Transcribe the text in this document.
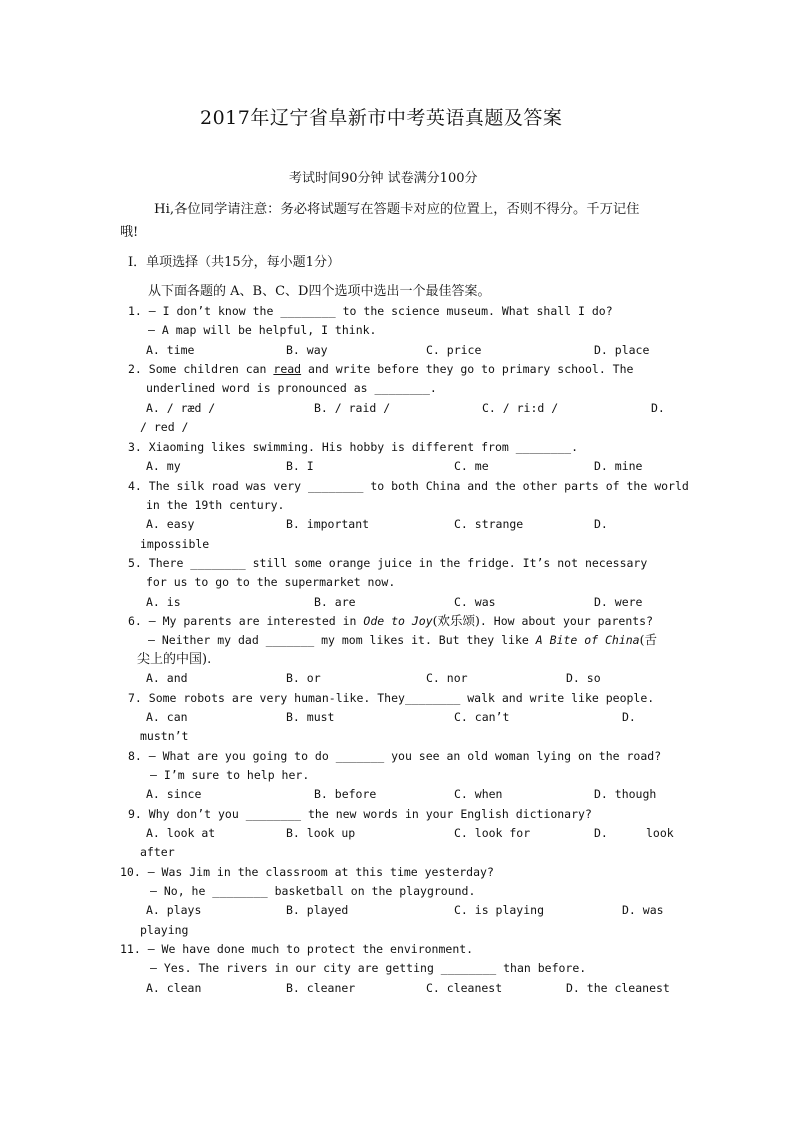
2017年辽宁省阜新市中考英语真题及答案
考试时间90分钟 试卷满分100分
Hi,各位同学请注意：务必将试题写在答题卡对应的位置上，否则不得分。千万记住
哦!
Ⅰ．单项选择（共15分，每小题1分）
从下面各题的 A、B、C、D四个选项中选出一个最佳答案。
1. — I don’t know the ________ to the science museum. What shall I do?
— A map will be helpful, I think.
A. time	B. way	C. price	D. place
2. Some children can read and write before they go to primary school. The
underlined word is pronounced as ________.
A. / ræd /	B. / raid /	C. / ri:d /	D.
/ red /
3. Xiaoming likes swimming. His hobby is different from ________.
A. my	B. I	C. me	D. mine
4. The silk road was very ________ to both China and the other parts of the world
in the 19th century.
A. easy	B. important	C. strange	D.
impossible
5. There ________ still some orange juice in the fridge. It’s not necessary
for us to go to the supermarket now.
A. is	B. are	C. was	D. were
6. — My parents are interested in Ode to Joy(欢乐颂). How about your parents?
— Neither my dad _______ my mom likes it. But they like A Bite of China(舌
尖上的中国).
A. and	B. or	C. nor	D. so
7. Some robots are very human-like. They________ walk and write like people.
A. can	B. must	C. can’t	D.
mustn’t
8. — What are you going to do _______ you see an old woman lying on the road?
— I’m sure to help her.
A. since	B. before	C. when	D. though
9. Why don’t you ________ the new words in your English dictionary?
A. look at	B. look up	C. look for	D.	look
after
10. — Was Jim in the classroom at this time yesterday?
— No, he ________ basketball on the playground.
A. plays	B. played	C. is playing	D. was
playing
11. — We have done much to protect the environment.
— Yes. The rivers in our city are getting ________ than before.
A. clean	B. cleaner	C. cleanest	D. the cleanest
